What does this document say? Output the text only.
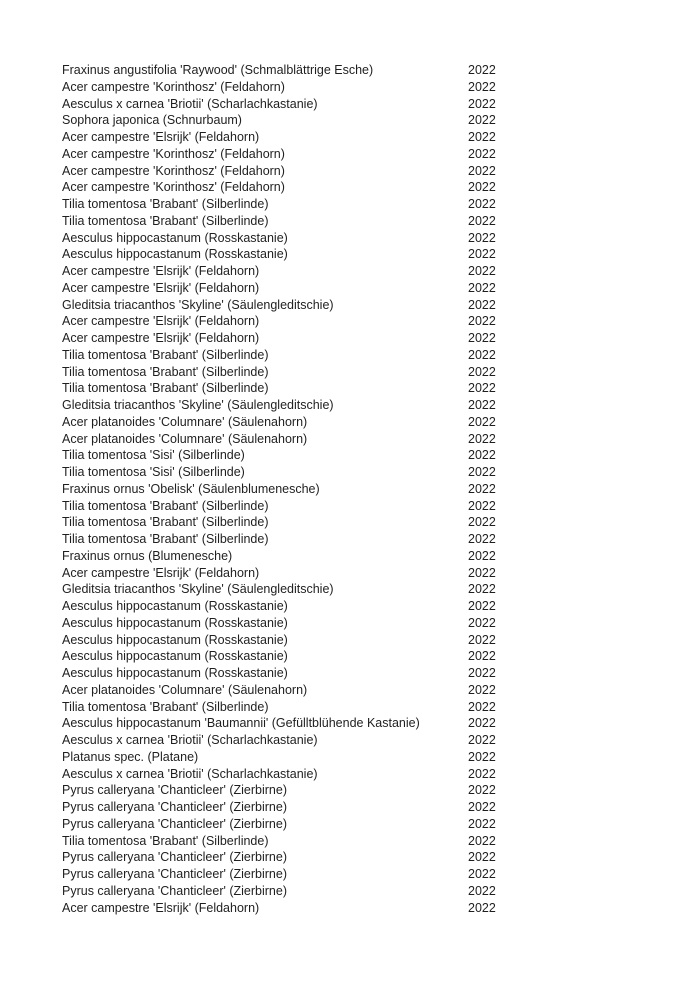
Fraxinus angustifolia 'Raywood' (Schmalblättrige Esche)	2022
Acer campestre 'Korinthosz' (Feldahorn)	2022
Aesculus x carnea 'Briotii' (Scharlachkastanie)	2022
Sophora japonica (Schnurbaum)	2022
Acer campestre 'Elsrijk' (Feldahorn)	2022
Acer campestre 'Korinthosz' (Feldahorn)	2022
Acer campestre 'Korinthosz' (Feldahorn)	2022
Acer campestre 'Korinthosz' (Feldahorn)	2022
Tilia tomentosa 'Brabant' (Silberlinde)	2022
Tilia tomentosa 'Brabant' (Silberlinde)	2022
Aesculus hippocastanum (Rosskastanie)	2022
Aesculus hippocastanum (Rosskastanie)	2022
Acer campestre 'Elsrijk' (Feldahorn)	2022
Acer campestre 'Elsrijk' (Feldahorn)	2022
Gleditsia triacanthos 'Skyline' (Säulengleditschie)	2022
Acer campestre 'Elsrijk' (Feldahorn)	2022
Acer campestre 'Elsrijk' (Feldahorn)	2022
Tilia tomentosa 'Brabant' (Silberlinde)	2022
Tilia tomentosa 'Brabant' (Silberlinde)	2022
Tilia tomentosa 'Brabant' (Silberlinde)	2022
Gleditsia triacanthos 'Skyline' (Säulengleditschie)	2022
Acer platanoides 'Columnare' (Säulenahorn)	2022
Acer platanoides 'Columnare' (Säulenahorn)	2022
Tilia tomentosa 'Sisi' (Silberlinde)	2022
Tilia tomentosa 'Sisi' (Silberlinde)	2022
Fraxinus ornus 'Obelisk' (Säulenblumenesche)	2022
Tilia tomentosa 'Brabant' (Silberlinde)	2022
Tilia tomentosa 'Brabant' (Silberlinde)	2022
Tilia tomentosa 'Brabant' (Silberlinde)	2022
Fraxinus ornus (Blumenesche)	2022
Acer campestre 'Elsrijk' (Feldahorn)	2022
Gleditsia triacanthos 'Skyline' (Säulengleditschie)	2022
Aesculus hippocastanum (Rosskastanie)	2022
Aesculus hippocastanum (Rosskastanie)	2022
Aesculus hippocastanum (Rosskastanie)	2022
Aesculus hippocastanum (Rosskastanie)	2022
Aesculus hippocastanum (Rosskastanie)	2022
Acer platanoides 'Columnare' (Säulenahorn)	2022
Tilia tomentosa 'Brabant' (Silberlinde)	2022
Aesculus hippocastanum 'Baumannii' (Gefülltblühende Kastanie)	2022
Aesculus x carnea 'Briotii' (Scharlachkastanie)	2022
Platanus spec. (Platane)	2022
Aesculus x carnea 'Briotii' (Scharlachkastanie)	2022
Pyrus calleryana 'Chanticleer' (Zierbirne)	2022
Pyrus calleryana 'Chanticleer' (Zierbirne)	2022
Pyrus calleryana 'Chanticleer' (Zierbirne)	2022
Tilia tomentosa 'Brabant' (Silberlinde)	2022
Pyrus calleryana 'Chanticleer' (Zierbirne)	2022
Pyrus calleryana 'Chanticleer' (Zierbirne)	2022
Pyrus calleryana 'Chanticleer' (Zierbirne)	2022
Acer campestre 'Elsrijk' (Feldahorn)	2022
